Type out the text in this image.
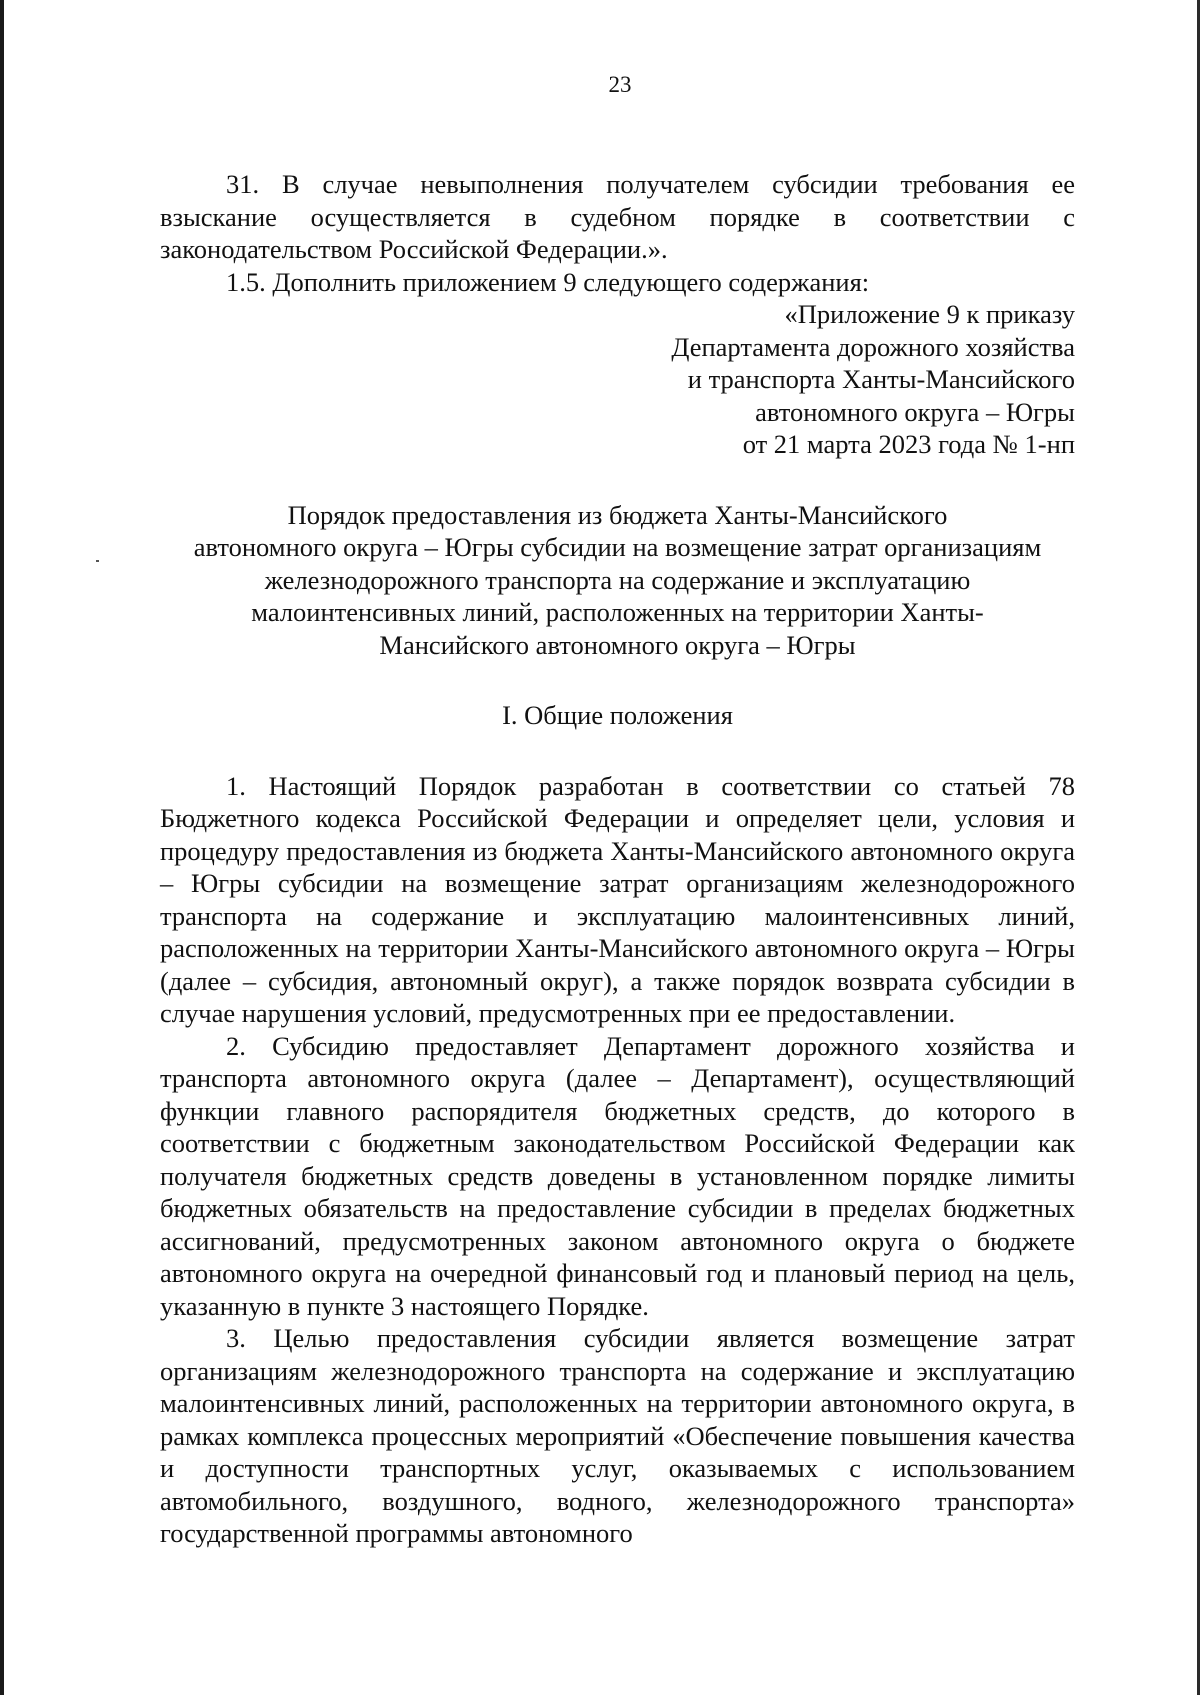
23

31. В случае невыполнения получателем субсидии требования ее взыскание осуществляется в судебном порядке в соответствии с законодательством Российской Федерации.».

1.5. Дополнить приложением 9 следующего содержания:

«Приложение 9 к приказу
Департамента дорожного хозяйства
и транспорта Ханты-Мансийского
автономного округа – Югры
от 21 марта 2023 года № 1-нп
Порядок предоставления из бюджета Ханты-Мансийского
автономного округа – Югры субсидии на возмещение затрат организациям
железнодорожного транспорта на содержание и эксплуатацию
малоинтенсивных линий, расположенных на территории Ханты-
Мансийского автономного округа – Югры
I. Общие положения

1. Настоящий Порядок разработан в соответствии со статьей 78 Бюджетного кодекса Российской Федерации и определяет цели, условия и процедуру предоставления из бюджета Ханты-Мансийского автономного округа – Югры субсидии на возмещение затрат организациям железнодорожного транспорта на содержание и эксплуатацию малоинтенсивных линий, расположенных на территории Ханты-Мансийского автономного округа – Югры (далее – субсидия, автономный округ), а также порядок возврата субсидии в случае нарушения условий, предусмотренных при ее предоставлении.

2. Субсидию предоставляет Департамент дорожного хозяйства и транспорта автономного округа (далее – Департамент), осуществляющий функции главного распорядителя бюджетных средств, до которого в соответствии с бюджетным законодательством Российской Федерации как получателя бюджетных средств доведены в установленном порядке лимиты бюджетных обязательств на предоставление субсидии в пределах бюджетных ассигнований, предусмотренных законом автономного округа о бюджете автономного округа на очередной финансовый год и плановый период на цель, указанную в пункте 3 настоящего Порядке.

3. Целью предоставления субсидии является возмещение затрат организациям железнодорожного транспорта на содержание и эксплуатацию малоинтенсивных линий, расположенных на территории автономного округа, в рамках комплекса процессных мероприятий «Обеспечение повышения качества и доступности транспортных услуг, оказываемых с использованием автомобильного, воздушного, водного, железнодорожного транспорта» государственной программы автономного
